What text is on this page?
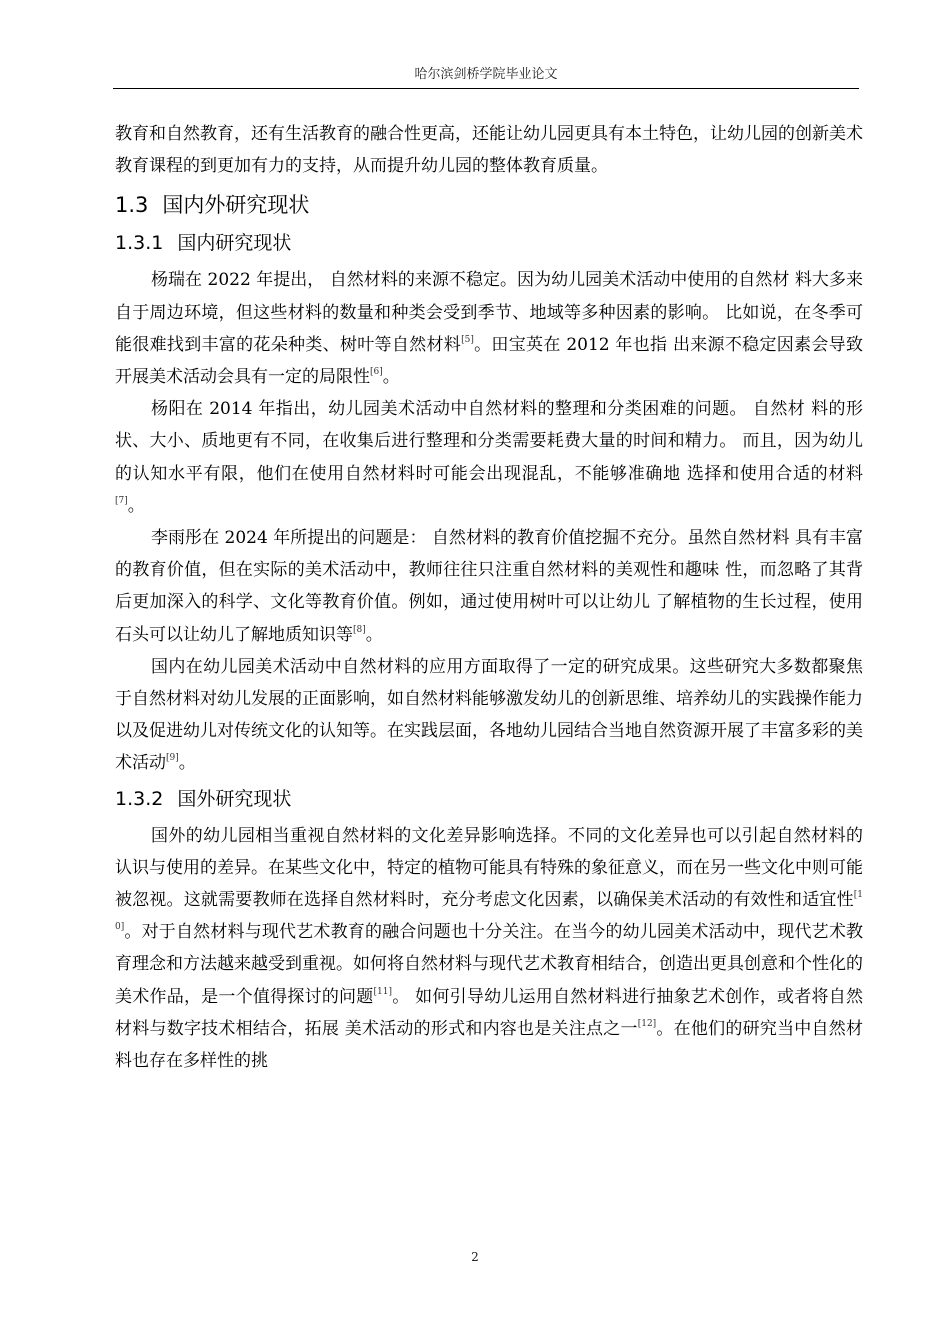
哈尔滨剑桥学院毕业论文

教育和自然教育，还有生活教育的融合性更高，还能让幼儿园更具有本土特色，让幼儿园的创新美术教育课程的到更加有力的支持，从而提升幼儿园的整体教育质量。

1.3 国内外研究现状
1.3.1 国内研究现状

杨瑞在 2022 年提出， 自然材料的来源不稳定。因为幼儿园美术活动中使用的自然材 料大多来自于周边环境，但这些材料的数量和种类会受到季节、地域等多种因素的影响。 比如说，在冬季可能很难找到丰富的花朵种类、树叶等自然材料[5]。田宝英在 2012 年也指 出来源不稳定因素会导致开展美术活动会具有一定的局限性[6]。

杨阳在 2014 年指出，幼儿园美术活动中自然材料的整理和分类困难的问题。 自然材 料的形状、大小、质地更有不同，在收集后进行整理和分类需要耗费大量的时间和精力。 而且，因为幼儿的认知水平有限，他们在使用自然材料时可能会出现混乱，不能够准确地 选择和使用合适的材料[7]。

李雨彤在 2024 年所提出的问题是： 自然材料的教育价值挖掘不充分。虽然自然材料 具有丰富的教育价值，但在实际的美术活动中，教师往往只注重自然材料的美观性和趣味 性，而忽略了其背后更加深入的科学、文化等教育价值。例如，通过使用树叶可以让幼儿 了解植物的生长过程，使用石头可以让幼儿了解地质知识等[8]。

国内在幼儿园美术活动中自然材料的应用方面取得了一定的研究成果。这些研究大多数都聚焦于自然材料对幼儿发展的正面影响，如自然材料能够激发幼儿的创新思维、培养幼儿的实践操作能力以及促进幼儿对传统文化的认知等。在实践层面，各地幼儿园结合当地自然资源开展了丰富多彩的美术活动[9]。

1.3.2 国外研究现状

国外的幼儿园相当重视自然材料的文化差异影响选择。不同的文化差异也可以引起自然材料的认识与使用的差异。在某些文化中，特定的植物可能具有特殊的象征意义，而在另一些文化中则可能被忽视。这就需要教师在选择自然材料时，充分考虑文化因素，以确保美术活动的有效性和适宜性[10]。对于自然材料与现代艺术教育的融合问题也十分关注。在当今的幼儿园美术活动中，现代艺术教育理念和方法越来越受到重视。如何将自然材料与现代艺术教育相结合，创造出更具创意和个性化的美术作品，是一个值得探讨的问题[11]。 如何引导幼儿运用自然材料进行抽象艺术创作，或者将自然材料与数字技术相结合，拓展 美术活动的形式和内容也是关注点之一[12]。在他们的研究当中自然材料也存在多样性的挑

2
